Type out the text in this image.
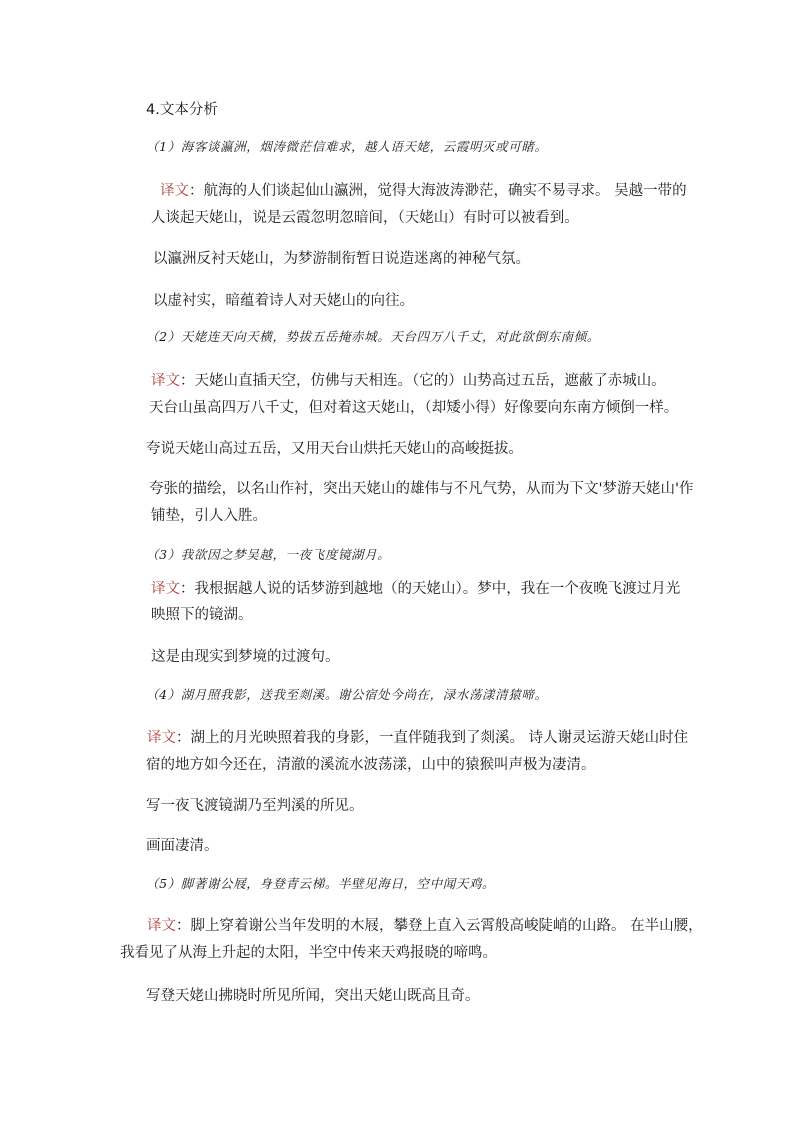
4.文本分析
（1）海客谈瀛洲，烟涛微茫信难求，越人语天姥，云霞明灭或可睹。
译文：航海的人们谈起仙山瀛洲，觉得大海波涛渺茫，确实不易寻求。 吴越一带的
人谈起天姥山，说是云霞忽明忽暗间，（天姥山）有时可以被看到。
以瀛洲反衬天姥山，为梦游制衔暂日说造迷离的神秘气氛。
以虚衬实，暗蕴着诗人对天姥山的向往。
（2）天姥连天向天横，势拔五岳掩赤城。天台四万八千丈，对此欲倒东南倾。
译文：天姥山直插天空，仿佛与天相连。（它的）山势高过五岳，遮蔽了赤城山。
天台山虽高四万八千丈，但对着这天姥山，（却矮小得）好像要向东南方倾倒一样。
夸说天姥山高过五岳，又用天台山烘托天姥山的高峻挺拔。
夸张的描绘，以名山作衬，突出天姥山的雄伟与不凡气势，从而为下文'梦游天姥山'作
铺垫，引人入胜。
（3）我欲因之梦吴越，一夜飞度镜湖月。
译文：我根据越人说的话梦游到越地（的天姥山）。梦中，我在一个夜晚飞渡过月光
映照下的镜湖。
这是由现实到梦境的过渡句。
（4）湖月照我影，送我至剡溪。谢公宿处今尚在，渌水荡漾清猿啼。
译文：湖上的月光映照着我的身影，一直伴随我到了剡溪。 诗人谢灵运游天姥山时住
宿的地方如今还在，清澈的溪流水波荡漾，山中的猿猴叫声极为凄清。
写一夜飞渡镜湖乃至判溪的所见。
画面凄清。
（5）脚著谢公屐，身登青云梯。半壁见海日，空中闻天鸡。
译文：脚上穿着谢公当年发明的木屐，攀登上直入云霄般高峻陡峭的山路。 在半山腰，
我看见了从海上升起的太阳，半空中传来天鸡报晓的啼鸣。
写登天姥山拂晓时所见所闻，突出天姥山既高且奇。
